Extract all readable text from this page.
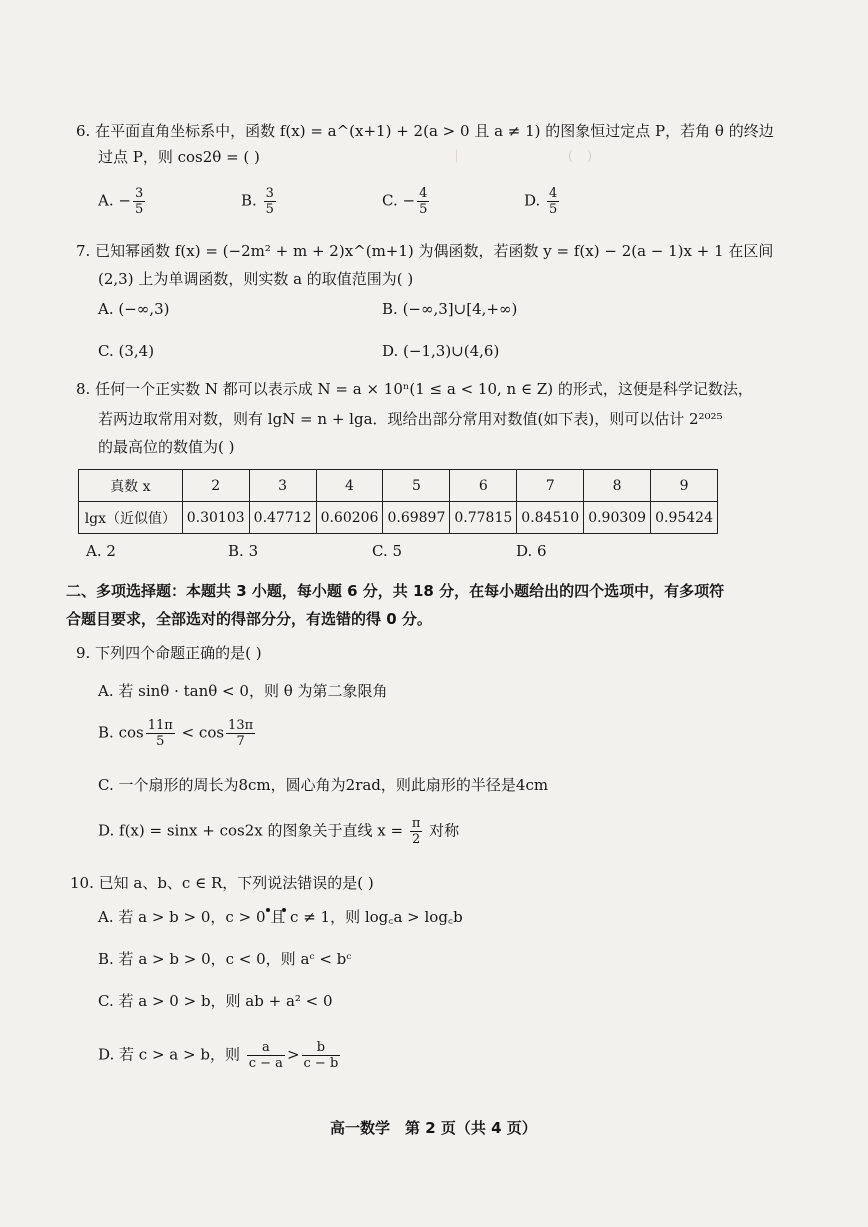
｜　　　　　　　　（　）
6. 在平面直角坐标系中，函数 f(x) = a^(x+1) + 2(a > 0 且 a ≠ 1) 的图象恒过定点 P，若角 θ 的终边
过点 P，则 cos2θ = ( )
A. − $\frac{3}{5}$	B. $\frac{3}{5}$	C. − $\frac{4}{5}$	D. $\frac{4}{5}$
7. 已知幂函数 f(x) = (−2m² + m + 2)x^(m+1) 为偶函数，若函数 y = f(x) − 2(a − 1)x + 1 在区间
(2,3) 上为单调函数，则实数 a 的取值范围为( )
A. (−∞,3)	B. (−∞,3]∪[4,+∞)
C. (3,4)	D. (−1,3)∪(4,6)
8. 任何一个正实数 N 都可以表示成 N = a × 10ⁿ(1 ≤ a < 10, n ∈ Z) 的形式，这便是科学记数法，
若两边取常用对数，则有 lgN = n + lga．现给出部分常用对数值(如下表)，则可以估计 2²⁰²⁵
的最高位的数值为( )
真数 x	2	3	4	5	6	7	8	9
lgx（近似值）	0.30103	0.47712	0.60206	0.69897	0.77815	0.84510	0.90309	0.95424
A. 2	B. 3	C. 5	D. 6
二、多项选择题：本题共 3 小题，每小题 6 分，共 18 分，在每小题给出的四个选项中，有多项符
合题目要求，全部选对的得部分分，有选错的得 0 分。
9. 下列四个命题正确的是( )
A. 若 sinθ · tanθ < 0，则 θ 为第二象限角
B. $\cos \frac{11\pi}{5} < \cos \frac{13\pi}{7}$
C. 一个扇形的周长为8cm，圆心角为2rad，则此扇形的半径是4cm
D. f(x) = sinx + cos2x 的图象关于直线 $x = \frac{\pi}{2}$ 对称
10. 已知 a、b、c ∈ R，下列说法错误的是( )
A. 若 a > b > 0，c > 0 且 c ≠ 1，则 log꜀a > log꜀b
B. 若 a > b > 0，c < 0，则 aᶜ < bᶜ
C. 若 a > 0 > b，则 ab + a² < 0
D. 若 c > a > b，则 $\frac{a}{c - a} > \frac{b}{c - b}$
高一数学　第 2 页（共 4 页）
